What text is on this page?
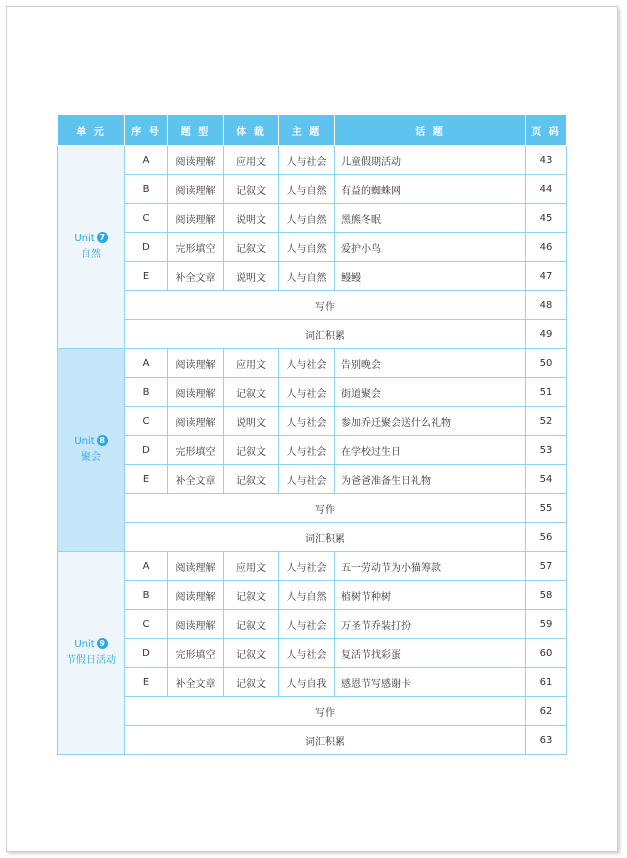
单 元	序 号	题 型	体 裁	主 题	话 题	页 码
Unit 7
自然	A	阅读理解	应用文	人与社会	儿童假期活动	43
	B	阅读理解	记叙文	人与自然	有益的蜘蛛网	44
	C	阅读理解	说明文	人与自然	黑熊冬眠	45
	D	完形填空	记叙文	人与自然	爱护小鸟	46
	E	补全文章	说明文	人与自然	鳗鳗	47
	写作					48
	词汇积累					49
Unit 8
聚会	A	阅读理解	应用文	人与社会	告别晚会	50
	B	阅读理解	记叙文	人与社会	街道聚会	51
	C	阅读理解	说明文	人与社会	参加乔迁聚会送什么礼物	52
	D	完形填空	记叙文	人与社会	在学校过生日	53
	E	补全文章	记叙文	人与社会	为爸爸准备生日礼物	54
	写作					55
	词汇积累					56
Unit 9
节假日活动	A	阅读理解	应用文	人与社会	五一劳动节为小猫筹款	57
	B	阅读理解	记叙文	人与自然	植树节种树	58
	C	阅读理解	记叙文	人与社会	万圣节乔装打扮	59
	D	完形填空	记叙文	人与社会	复活节找彩蛋	60
	E	补全文章	记叙文	人与自我	感恩节写感谢卡	61
	写作					62
	词汇积累					63
